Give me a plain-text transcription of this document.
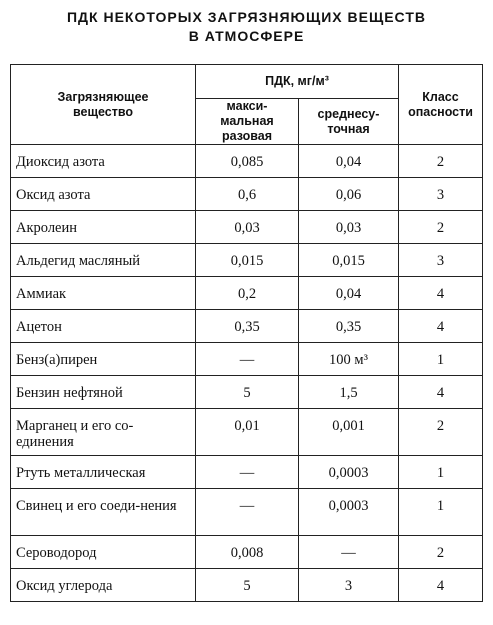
ПДК НЕКОТОРЫХ ЗАГРЯЗНЯЮЩИХ ВЕЩЕСТВ
В АТМОСФЕРЕ
Загрязняющее вещество	ПДК, мг/м³		Класс опасности

	макси-мальная разовая	среднесу-точная	

Диоксид азота	0,085	0,04	2
Оксид азота	0,6	0,06	3
Акролеин	0,03	0,03	2
Альдегид масляный	0,015	0,015	3
Аммиак	0,2	0,04	4
Ацетон	0,35	0,35	4
Бенз(а)пирен	—	100 м³	1
Бензин нефтяной	5	1,5	4
Марганец и его со-единения	0,01	0,001	2
Ртуть металлическая	—	0,0003	1
Свинец и его соеди-нения	—	0,0003	1
Сероводород	0,008	—	2
Оксид углерода	5	3	4
